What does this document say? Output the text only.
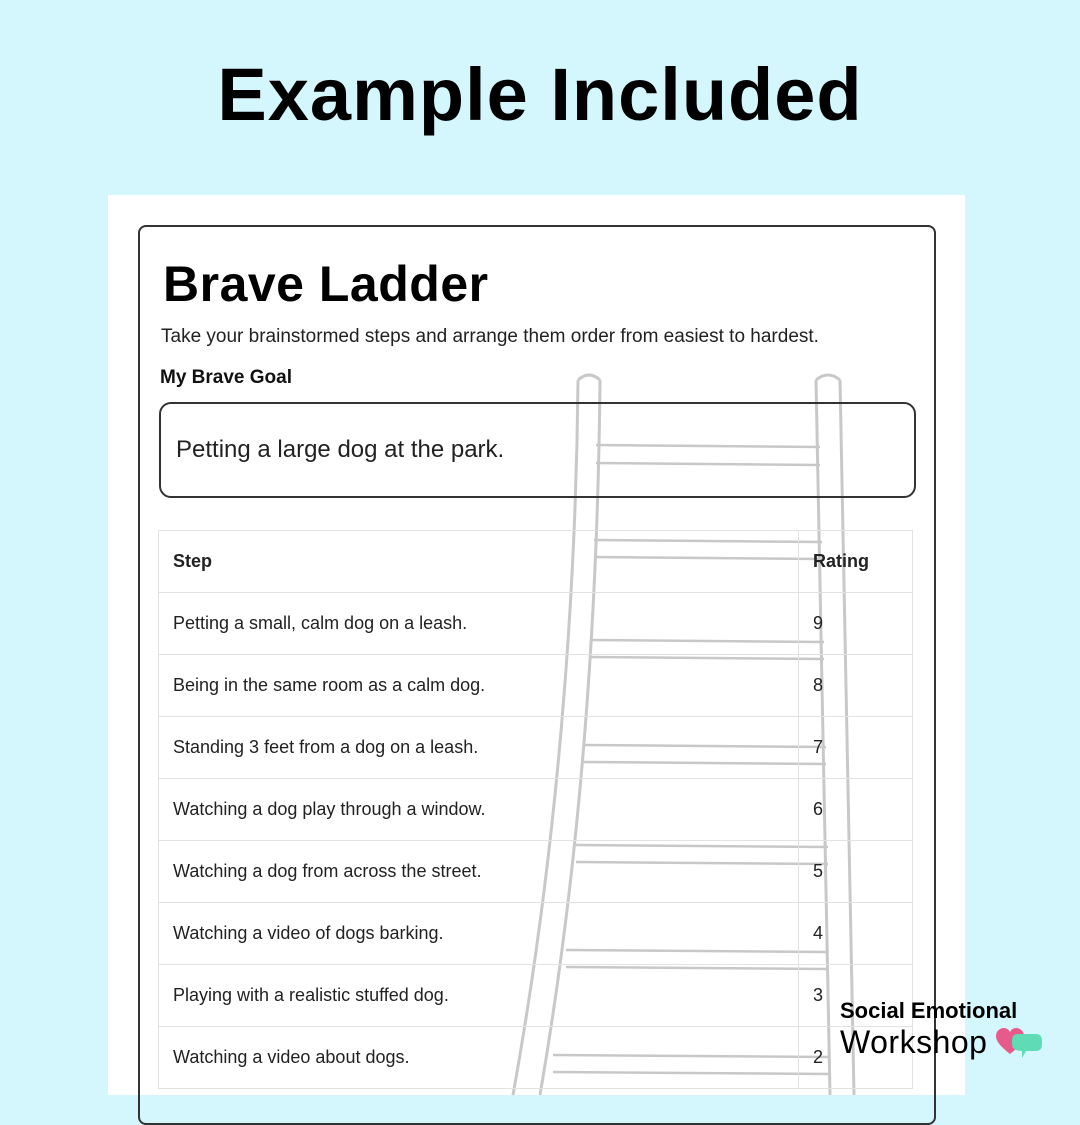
Example Included
Brave Ladder
Take your brainstormed steps and arrange them order from easiest to hardest.
My Brave Goal
Petting a large dog at the park.
Step	Rating
Petting a small, calm dog on a leash.	9
Being in the same room as a calm dog.	8
Standing 3 feet from a dog on a leash.	7
Watching a dog play through a window.	6
Watching a dog from across the street.	5
Watching a video of dogs barking.	4
Playing with a realistic stuffed dog.	3
Watching a video about dogs.	2
Social Emotional
Workshop
